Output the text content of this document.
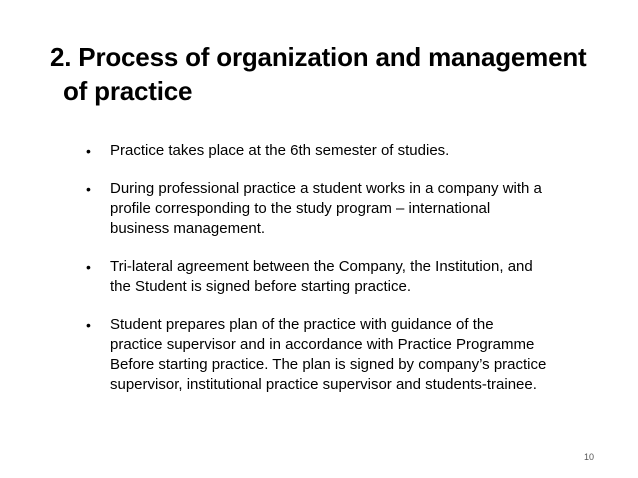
2. Process of organization and management
of practice
• Practice takes place at the 6th semester of studies.
• During professional practice a student works in a company with a
profile corresponding to the study program – international
business management.
• Tri-lateral agreement between the Company, the Institution, and
the Student is signed before starting practice.
• Student prepares plan of the practice with guidance of the
practice supervisor and in accordance with Practice Programme
Before starting practice. The plan is signed by company’s practice
supervisor, institutional practice supervisor and students-trainee.
10
